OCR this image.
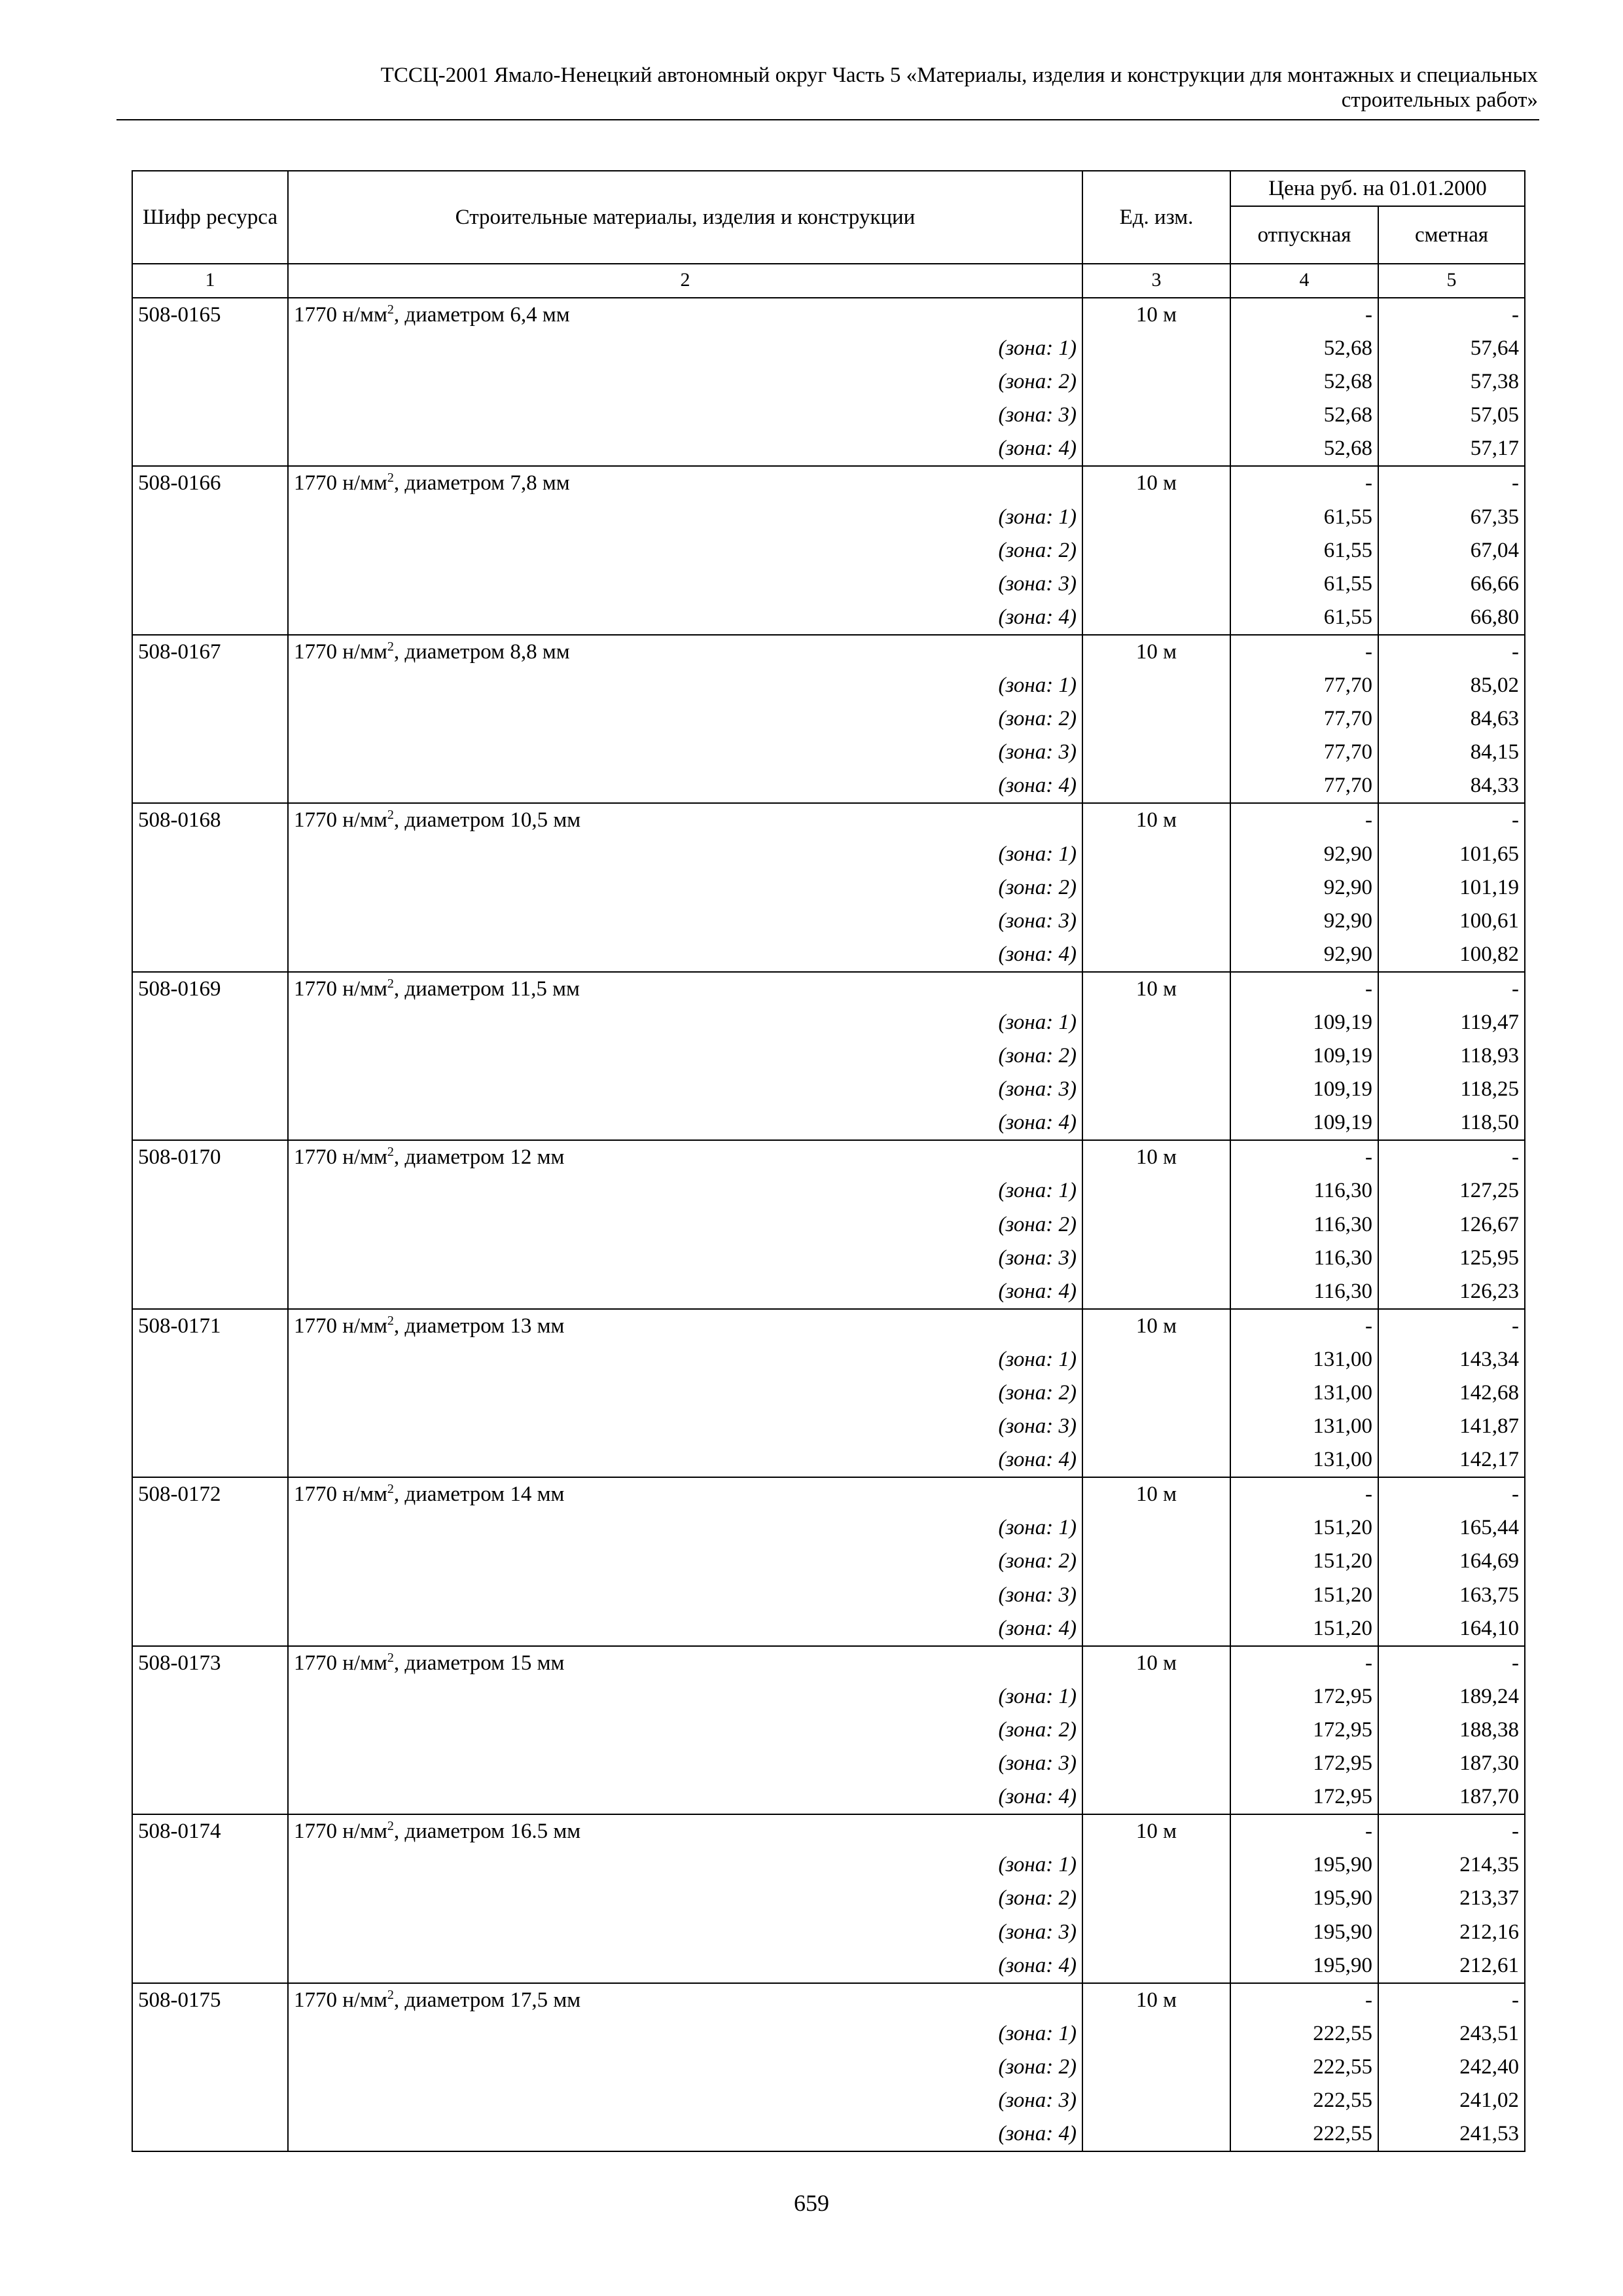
ТССЦ-2001 Ямало-Ненецкий автономный округ Часть 5 «Материалы, изделия и конструкции для монтажных и специальных
строительных работ»
Шифр ресурса	Строительные материалы, изделия и конструкции	Ед. изм.	Цена руб. на 01.01.2000	
			отпускная	сметная
1	2	3	4	5
508-0165	1770 $н/мм^2$, диаметром 6,4 мм	10 м	-	-
	(зона: 1)		52,68	57,64
	(зона: 2)		52,68	57,38
	(зона: 3)		52,68	57,05
	(зона: 4)		52,68	57,17
508-0166	1770 $н/мм^2$, диаметром 7,8 мм	10 м	-	-
	(зона: 1)		61,55	67,35
	(зона: 2)		61,55	67,04
	(зона: 3)		61,55	66,66
	(зона: 4)		61,55	66,80
508-0167	1770 $н/мм^2$, диаметром 8,8 мм	10 м	-	-
	(зона: 1)		77,70	85,02
	(зона: 2)		77,70	84,63
	(зона: 3)		77,70	84,15
	(зона: 4)		77,70	84,33
508-0168	1770 $н/мм^2$, диаметром 10,5 мм	10 м	-	-
	(зона: 1)		92,90	101,65
	(зона: 2)		92,90	101,19
	(зона: 3)		92,90	100,61
	(зона: 4)		92,90	100,82
508-0169	1770 $н/мм^2$, диаметром 11,5 мм	10 м	-	-
	(зона: 1)		109,19	119,47
	(зона: 2)		109,19	118,93
	(зона: 3)		109,19	118,25
	(зона: 4)		109,19	118,50
508-0170	1770 $н/мм^2$, диаметром 12 мм	10 м	-	-
	(зона: 1)		116,30	127,25
	(зона: 2)		116,30	126,67
	(зона: 3)		116,30	125,95
	(зона: 4)		116,30	126,23
508-0171	1770 $н/мм^2$, диаметром 13 мм	10 м	-	-
	(зона: 1)		131,00	143,34
	(зона: 2)		131,00	142,68
	(зона: 3)		131,00	141,87
	(зона: 4)		131,00	142,17
508-0172	1770 $н/мм^2$, диаметром 14 мм	10 м	-	-
	(зона: 1)		151,20	165,44
	(зона: 2)		151,20	164,69
	(зона: 3)		151,20	163,75
	(зона: 4)		151,20	164,10
508-0173	1770 $н/мм^2$, диаметром 15 мм	10 м	-	-
	(зона: 1)		172,95	189,24
	(зона: 2)		172,95	188,38
	(зона: 3)		172,95	187,30
	(зона: 4)		172,95	187,70
508-0174	1770 $н/мм^2$, диаметром 16.5 мм	10 м	-	-
	(зона: 1)		195,90	214,35
	(зона: 2)		195,90	213,37
	(зона: 3)		195,90	212,16
	(зона: 4)		195,90	212,61
508-0175	1770 $н/мм^2$, диаметром 17,5 мм	10 м	-	-
	(зона: 1)		222,55	243,51
	(зона: 2)		222,55	242,40
	(зона: 3)		222,55	241,02
	(зона: 4)		222,55	241,53
659
